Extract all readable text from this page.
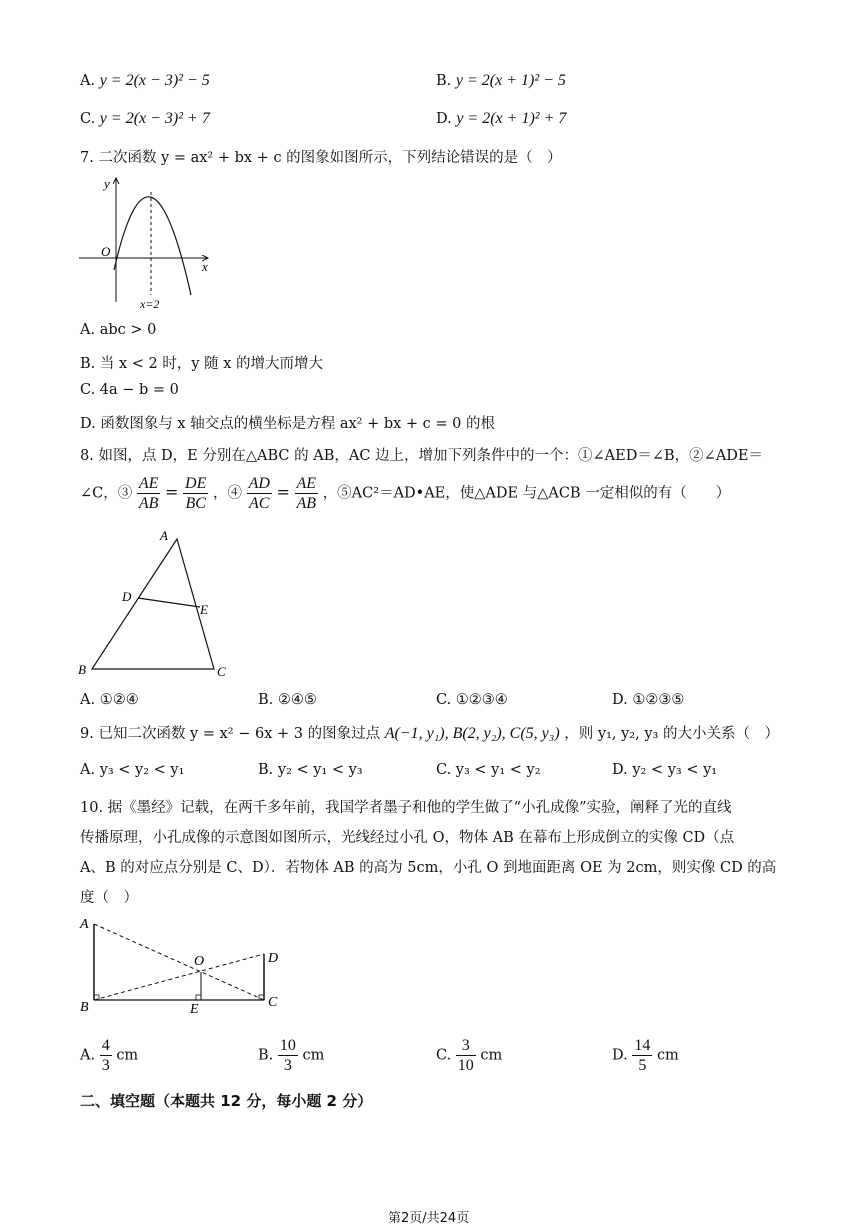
A. y = 2(x − 3)² − 5	B. y = 2(x + 1)² − 5
C. y = 2(x − 3)² + 7	D. y = 2(x + 1)² + 7
7. 二次函数 y = ax² + bx + c 的图象如图所示，下列结论错误的是（　）
y
x
O
x=2
A. abc > 0
B. 当 x < 2 时，y 随 x 的增大而增大
C. 4a − b = 0
D. 函数图象与 x 轴交点的横坐标是方程 ax² + bx + c = 0 的根
8. 如图，点 D，E 分别在△ABC 的 AB，AC 边上，增加下列条件中的一个：①∠AED＝∠B，②∠ADE＝
∠C，③ $\frac{AE}{AB} = \frac{DE}{BC}$ ，④ $\frac{AD}{AC} = \frac{AE}{AB}$ ，⑤AC²＝AD•AE，使△ADE 与△ACB 一定相似的有（　　）
A
D
E
B	C
A. ①②④	B. ②④⑤	C. ①②③④	D. ①②③⑤
9. 已知二次函数 y = x² − 6x + 3 的图象过点 A(−1, y₁), B(2, y₂), C(5, y₃) ，则 y₁, y₂, y₃ 的大小关系（　）
A. y₃ < y₂ < y₁	B. y₂ < y₁ < y₃	C. y₃ < y₁ < y₂	D. y₂ < y₃ < y₁
10. 据《墨经》记载，在两千多年前，我国学者墨子和他的学生做了“小孔成像”实验，阐释了光的直线
传播原理，小孔成像的示意图如图所示，光线经过小孔 O，物体 AB 在幕布上形成倒立的实像 CD（点
A、B 的对应点分别是 C、D）．若物体 AB 的高为 5cm，小孔 O 到地面距离 OE 为 2cm，则实像 CD 的高
度（　）
A
B	E
O	D
C
A. $\frac{4}{3}$ cm	B. $\frac{10}{3}$ cm	C. $\frac{3}{10}$ cm	D. $\frac{14}{5}$ cm
二、填空题（本题共 12 分，每小题 2 分）
第2页/共24页
